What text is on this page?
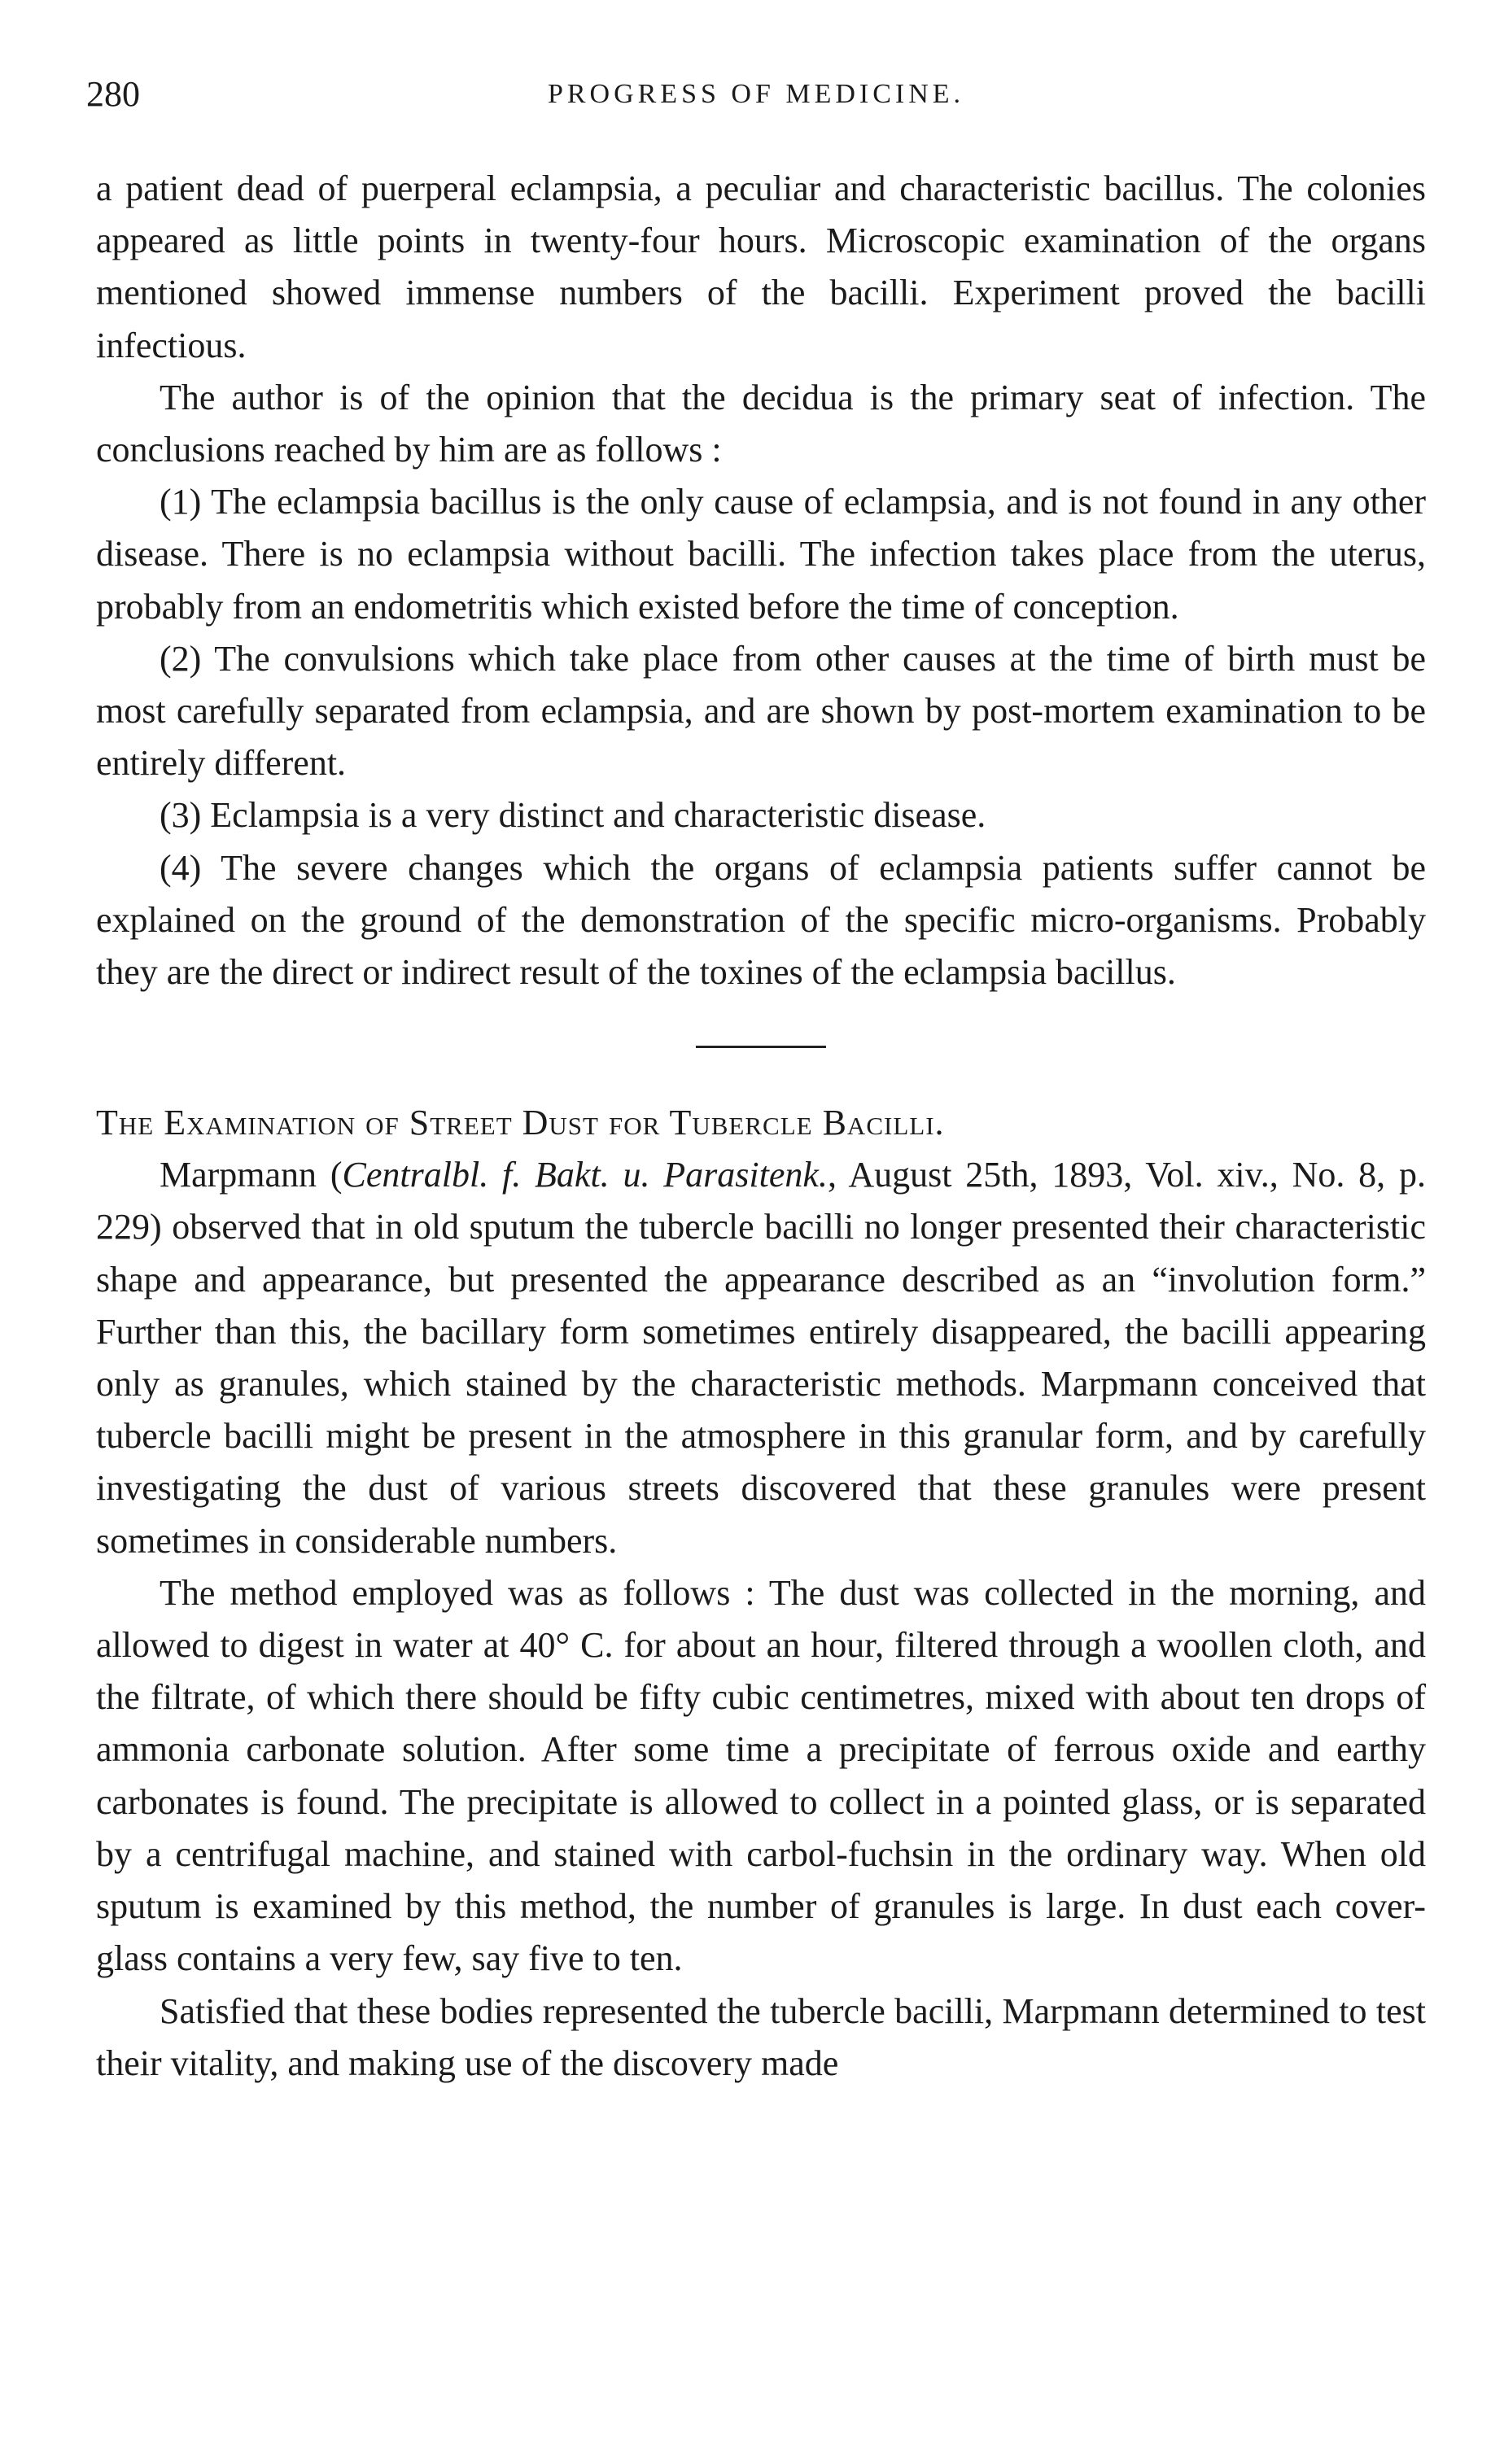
280	PROGRESS OF MEDICINE.

a patient dead of puerperal eclampsia, a peculiar and characteristic bacillus. The colonies appeared as little points in twenty-four hours. Microscopic examination of the organs mentioned showed immense numbers of the bacilli. Experiment proved the bacilli infectious.

The author is of the opinion that the decidua is the primary seat of infection. The conclusions reached by him are as follows :

(1) The eclampsia bacillus is the only cause of eclampsia, and is not found in any other disease. There is no eclampsia without bacilli. The infection takes place from the uterus, probably from an endometritis which existed before the time of conception.

(2) The convulsions which take place from other causes at the time of birth must be most carefully separated from eclampsia, and are shown by post-mortem examination to be entirely different.

(3) Eclampsia is a very distinct and characteristic disease.

(4) The severe changes which the organs of eclampsia patients suffer cannot be explained on the ground of the demonstration of the specific micro-organisms. Probably they are the direct or indirect result of the toxines of the eclampsia bacillus.

The Examination of Street Dust for Tubercle Bacilli.

Marpmann (Centralbl. f. Bakt. u. Parasitenk., August 25th, 1893, Vol. xiv., No. 8, p. 229) observed that in old sputum the tubercle bacilli no longer presented their characteristic shape and appearance, but presented the appearance described as an “involution form.” Further than this, the bacillary form sometimes entirely disappeared, the bacilli appearing only as granules, which stained by the characteristic methods. Marpmann conceived that tubercle bacilli might be present in the atmosphere in this granular form, and by carefully investigating the dust of various streets discovered that these granules were present sometimes in considerable numbers.

The method employed was as follows : The dust was collected in the morning, and allowed to digest in water at 40° C. for about an hour, filtered through a woollen cloth, and the filtrate, of which there should be fifty cubic centimetres, mixed with about ten drops of ammonia carbonate solution. After some time a precipitate of ferrous oxide and earthy carbonates is found. The precipitate is allowed to collect in a pointed glass, or is separated by a centrifugal machine, and stained with carbol-fuchsin in the ordinary way. When old sputum is examined by this method, the number of granules is large. In dust each cover-glass contains a very few, say five to ten.

Satisfied that these bodies represented the tubercle bacilli, Marpmann determined to test their vitality, and making use of the discovery made
